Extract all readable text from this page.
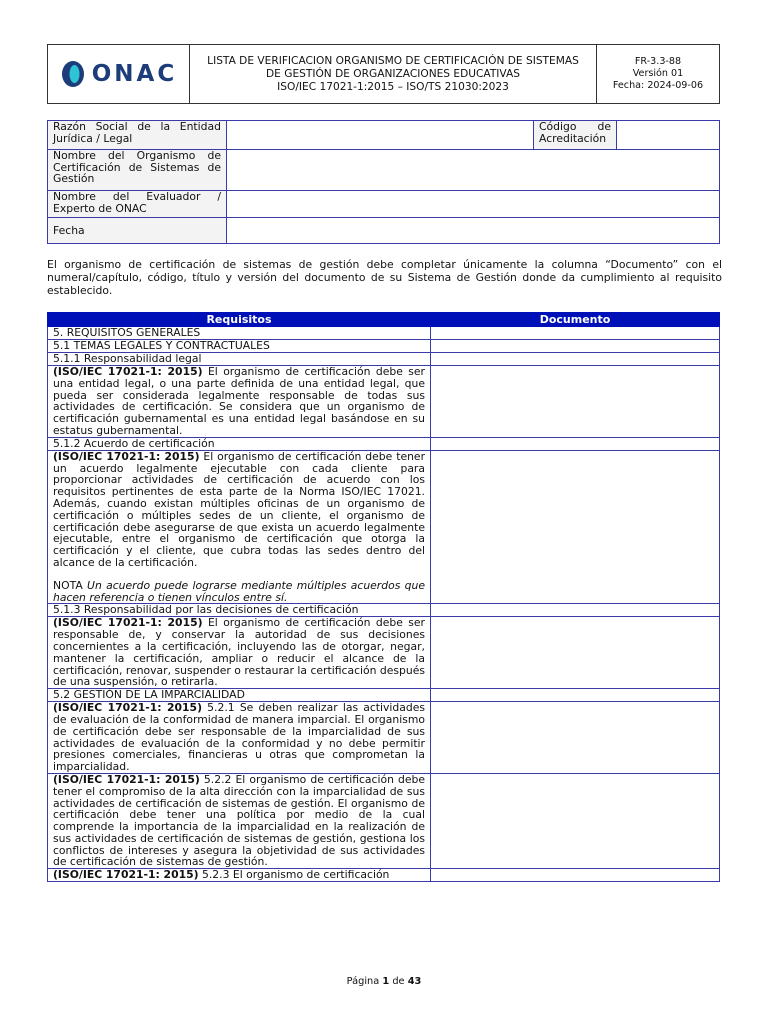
ONAC

LISTA DE VERIFICACION ORGANISMO DE CERTIFICACIÓN DE SISTEMAS
DE GESTIÓN DE ORGANIZACIONES EDUCATIVAS
ISO/IEC 17021-1:2015 – ISO/TS 21030:2023

FR-3.3-88
Versión 01
Fecha: 2024-09-06
Razón Social de la Entidad Jurídica / Legal		Código de Acreditación	
Nombre del Organismo de Certificación de Sistemas de Gestión			
Nombre del Evaluador / Experto de ONAC			
Fecha			

El organismo de certificación de sistemas de gestión debe completar únicamente la columna “Documento” con el numeral/capítulo, código, título y versión del documento de su Sistema de Gestión donde da cumplimiento al requisito establecido.

Requisitos	Documento
5. REQUISITOS GENERALES	
5.1 TEMAS LEGALES Y CONTRACTUALES	
5.1.1 Responsabilidad legal	
(ISO/IEC 17021-1: 2015) El organismo de certificación debe ser una entidad legal, o una parte definida de una entidad legal, que pueda ser considerada legalmente responsable de todas sus actividades de certificación. Se considera que un organismo de certificación gubernamental es una entidad legal basándose en su estatus gubernamental.	
5.1.2 Acuerdo de certificación	
(ISO/IEC 17021-1: 2015) El organismo de certificación debe tener un acuerdo legalmente ejecutable con cada cliente para proporcionar actividades de certificación de acuerdo con los requisitos pertinentes de esta parte de la Norma ISO/IEC 17021. Además, cuando existan múltiples oficinas de un organismo de certificación o múltiples sedes de un cliente, el organismo de certificación debe asegurarse de que exista un acuerdo legalmente ejecutable, entre el organismo de certificación que otorga la certificación y el cliente, que cubra todas las sedes dentro del alcance de la certificación.
NOTA Un acuerdo puede lograrse mediante múltiples acuerdos que hacen referencia o tienen vínculos entre sí.	

5.1.3 Responsabilidad por las decisiones de certificación	
(ISO/IEC 17021-1: 2015) El organismo de certificación debe ser responsable de, y conservar la autoridad de sus decisiones concernientes a la certificación, incluyendo las de otorgar, negar, mantener la certificación, ampliar o reducir el alcance de la certificación, renovar, suspender o restaurar la certificación después de una suspensión, o retirarla.	
5.2 GESTIÓN DE LA IMPARCIALIDAD	
(ISO/IEC 17021-1: 2015) 5.2.1 Se deben realizar las actividades de evaluación de la conformidad de manera imparcial. El organismo de certificación debe ser responsable de la imparcialidad de sus actividades de evaluación de la conformidad y no debe permitir presiones comerciales, financieras u otras que comprometan la imparcialidad.	
(ISO/IEC 17021-1: 2015) 5.2.2 El organismo de certificación debe tener el compromiso de la alta dirección con la imparcialidad de sus actividades de certificación de sistemas de gestión. El organismo de certificación debe tener una política por medio de la cual comprende la importancia de la imparcialidad en la realización de sus actividades de certificación de sistemas de gestión, gestiona los conflictos de intereses y asegura la objetividad de sus actividades de certificación de sistemas de gestión.	
(ISO/IEC 17021-1: 2015) 5.2.3 El organismo de certificación	
Página 1 de 43
